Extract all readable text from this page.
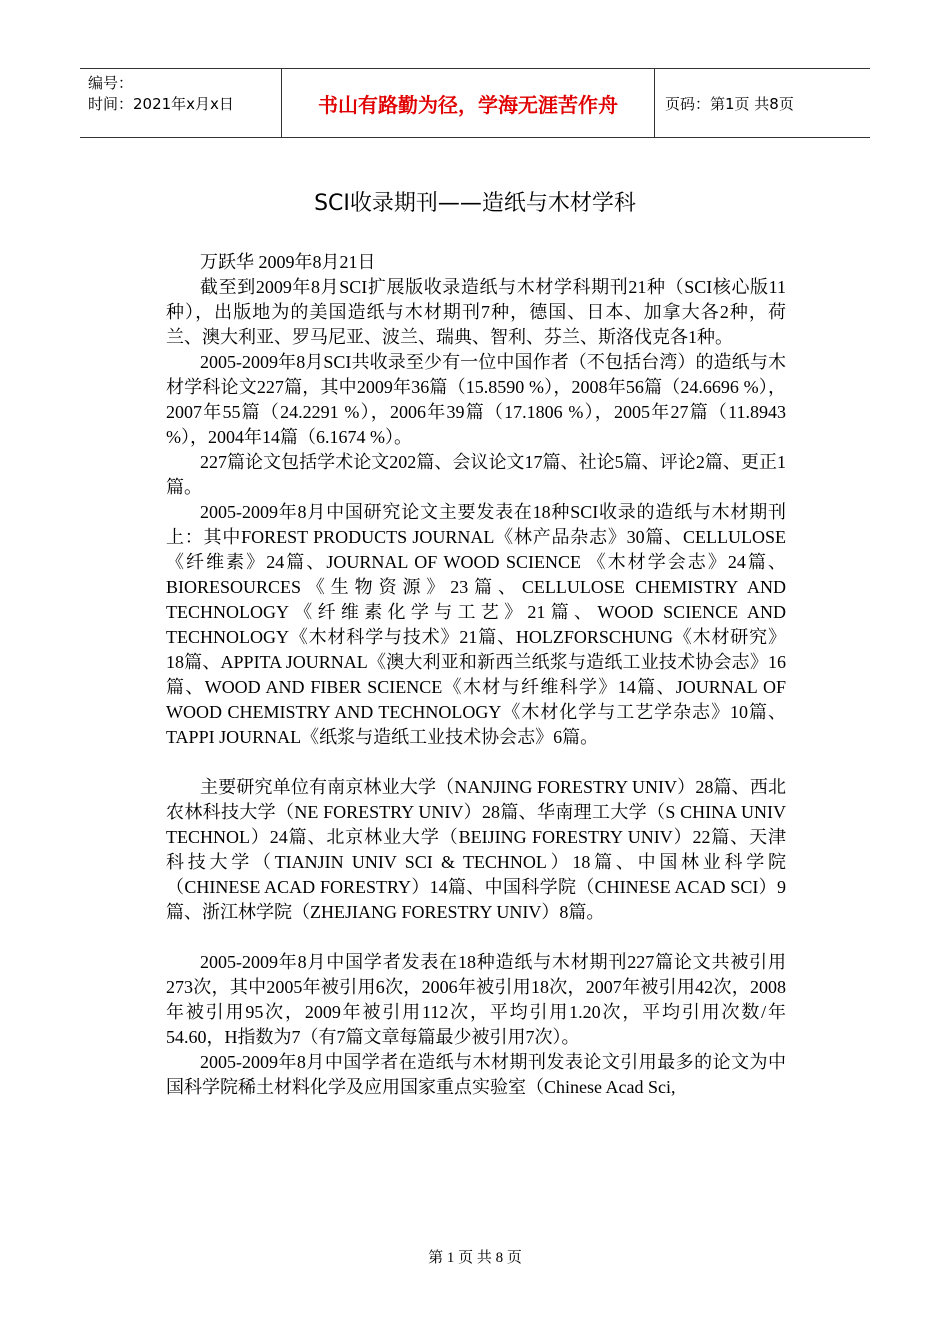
编号：
时间：2021年x月x日	书山有路勤为径，学海无涯苦作舟	页码：第1页 共8页
SCI收录期刊——造纸与木材学科

万跃华 2009年8月21日

截至到2009年8月SCI扩展版收录造纸与木材学科期刊21种（SCI核心版11种），出版地为的美国造纸与木材期刊7种，德国、日本、加拿大各2种，荷兰、澳大利亚、罗马尼亚、波兰、瑞典、智利、芬兰、斯洛伐克各1种。

2005-2009年8月SCI共收录至少有一位中国作者（不包括台湾）的造纸与木材学科论文227篇，其中2009年36篇（15.8590 %），2008年56篇（24.6696 %），2007年55篇（24.2291 %），2006年39篇（17.1806 %），2005年27篇（11.8943 %），2004年14篇（6.1674 %）。

227篇论文包括学术论文202篇、会议论文17篇、社论5篇、评论2篇、更正1篇。

2005-2009年8月中国研究论文主要发表在18种SCI收录的造纸与木材期刊上：其中FOREST PRODUCTS JOURNAL《林产品杂志》30篇、CELLULOSE 《纤维素》24篇、JOURNAL OF WOOD SCIENCE 《木材学会志》24篇、BIORESOURCES《生物资源》23篇、CELLULOSE CHEMISTRY AND TECHNOLOGY《纤维素化学与工艺》21篇、WOOD SCIENCE AND TECHNOLOGY《木材科学与技术》21篇、HOLZFORSCHUNG《木材研究》18篇、APPITA JOURNAL《澳大利亚和新西兰纸浆与造纸工业技术协会志》16篇、WOOD AND FIBER SCIENCE《木材与纤维科学》14篇、JOURNAL OF WOOD CHEMISTRY AND TECHNOLOGY《木材化学与工艺学杂志》10篇、TAPPI JOURNAL《纸浆与造纸工业技术协会志》6篇。

主要研究单位有南京林业大学（NANJING FORESTRY UNIV）28篇、西北农林科技大学（NE FORESTRY UNIV）28篇、华南理工大学（S CHINA UNIV TECHNOL）24篇、北京林业大学（BEIJING FORESTRY UNIV）22篇、天津科技大学（TIANJIN UNIV SCI & TECHNOL）18篇、中国林业科学院（CHINESE ACAD FORESTRY）14篇、中国科学院（CHINESE ACAD SCI）9篇、浙江林学院（ZHEJIANG FORESTRY UNIV）8篇。

2005-2009年8月中国学者发表在18种造纸与木材期刊227篇论文共被引用273次，其中2005年被引用6次，2006年被引用18次，2007年被引用42次，2008年被引用95次，2009年被引用112次，平均引用1.20次，平均引用次数/年54.60，H指数为7（有7篇文章每篇最少被引用7次）。

2005-2009年8月中国学者在造纸与木材期刊发表论文引用最多的论文为中国科学院稀土材料化学及应用国家重点实验室（Chinese Acad Sci,

第 1 页 共 8 页
